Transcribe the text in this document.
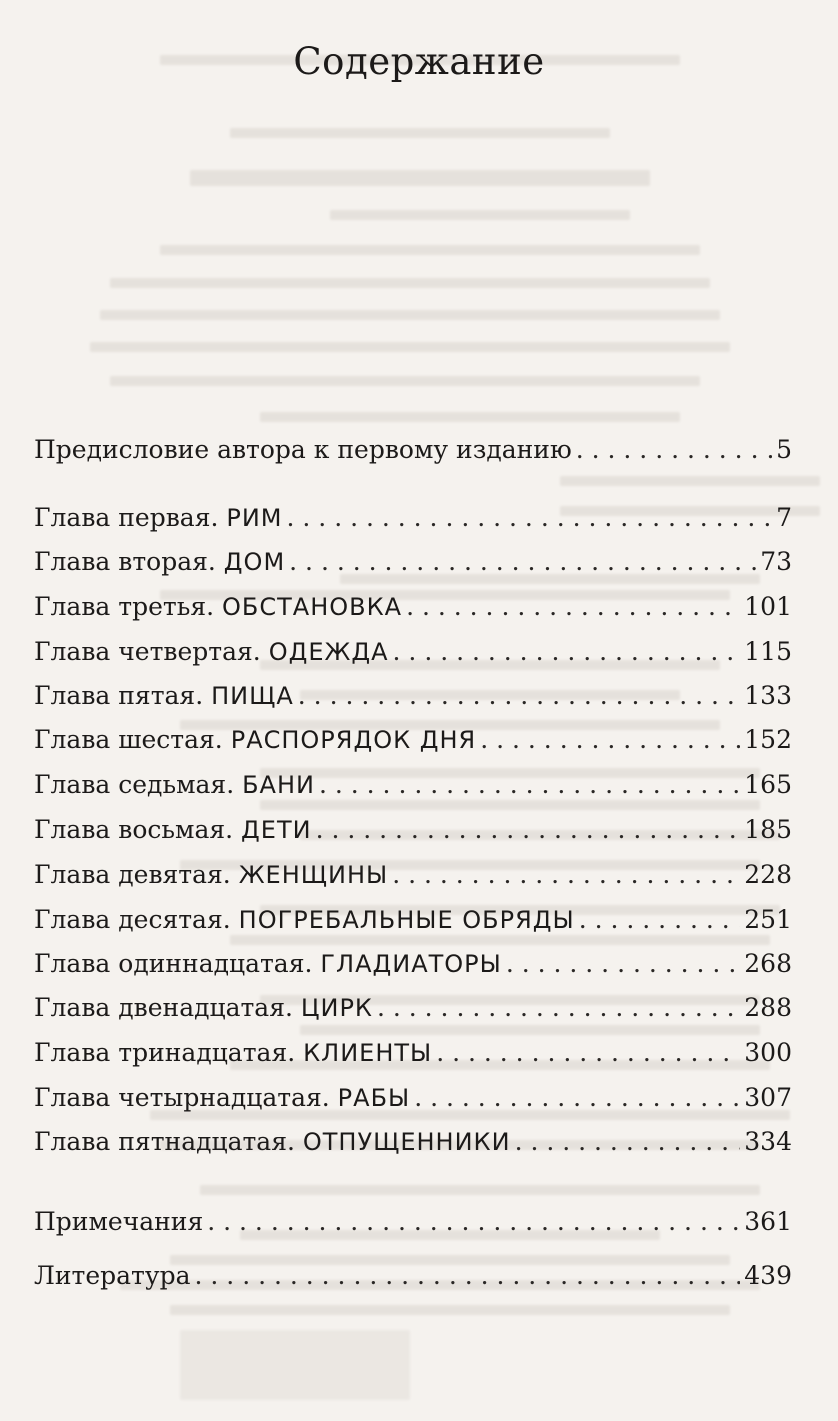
Содержание
Предисловие автора к первому изданию . . .	5
Глава первая. РИМ . . .	7
Глава вторая. ДОМ . . .	73
Глава третья. ОБСТАНОВКА . . .	101
Глава четвертая. ОДЕЖДА . . .	115
Глава пятая. ПИЩА . . .	133
Глава шестая. РАСПОРЯДОК ДНЯ . . .	152
Глава седьмая. БАНИ . . .	165
Глава восьмая. ДЕТИ . . .	185
Глава девятая. ЖЕНЩИНЫ . . .	228
Глава десятая. ПОГРЕБАЛЬНЫЕ ОБРЯДЫ . . .	251
Глава одиннадцатая. ГЛАДИАТОРЫ . . .	268
Глава двенадцатая. ЦИРК . . .	288
Глава тринадцатая. КЛИЕНТЫ . . .	300
Глава четырнадцатая. РАБЫ . . .	307
Глава пятнадцатая. ОТПУЩЕННИКИ . . .	334
Примечания . . .	361
Литература . . .	439
